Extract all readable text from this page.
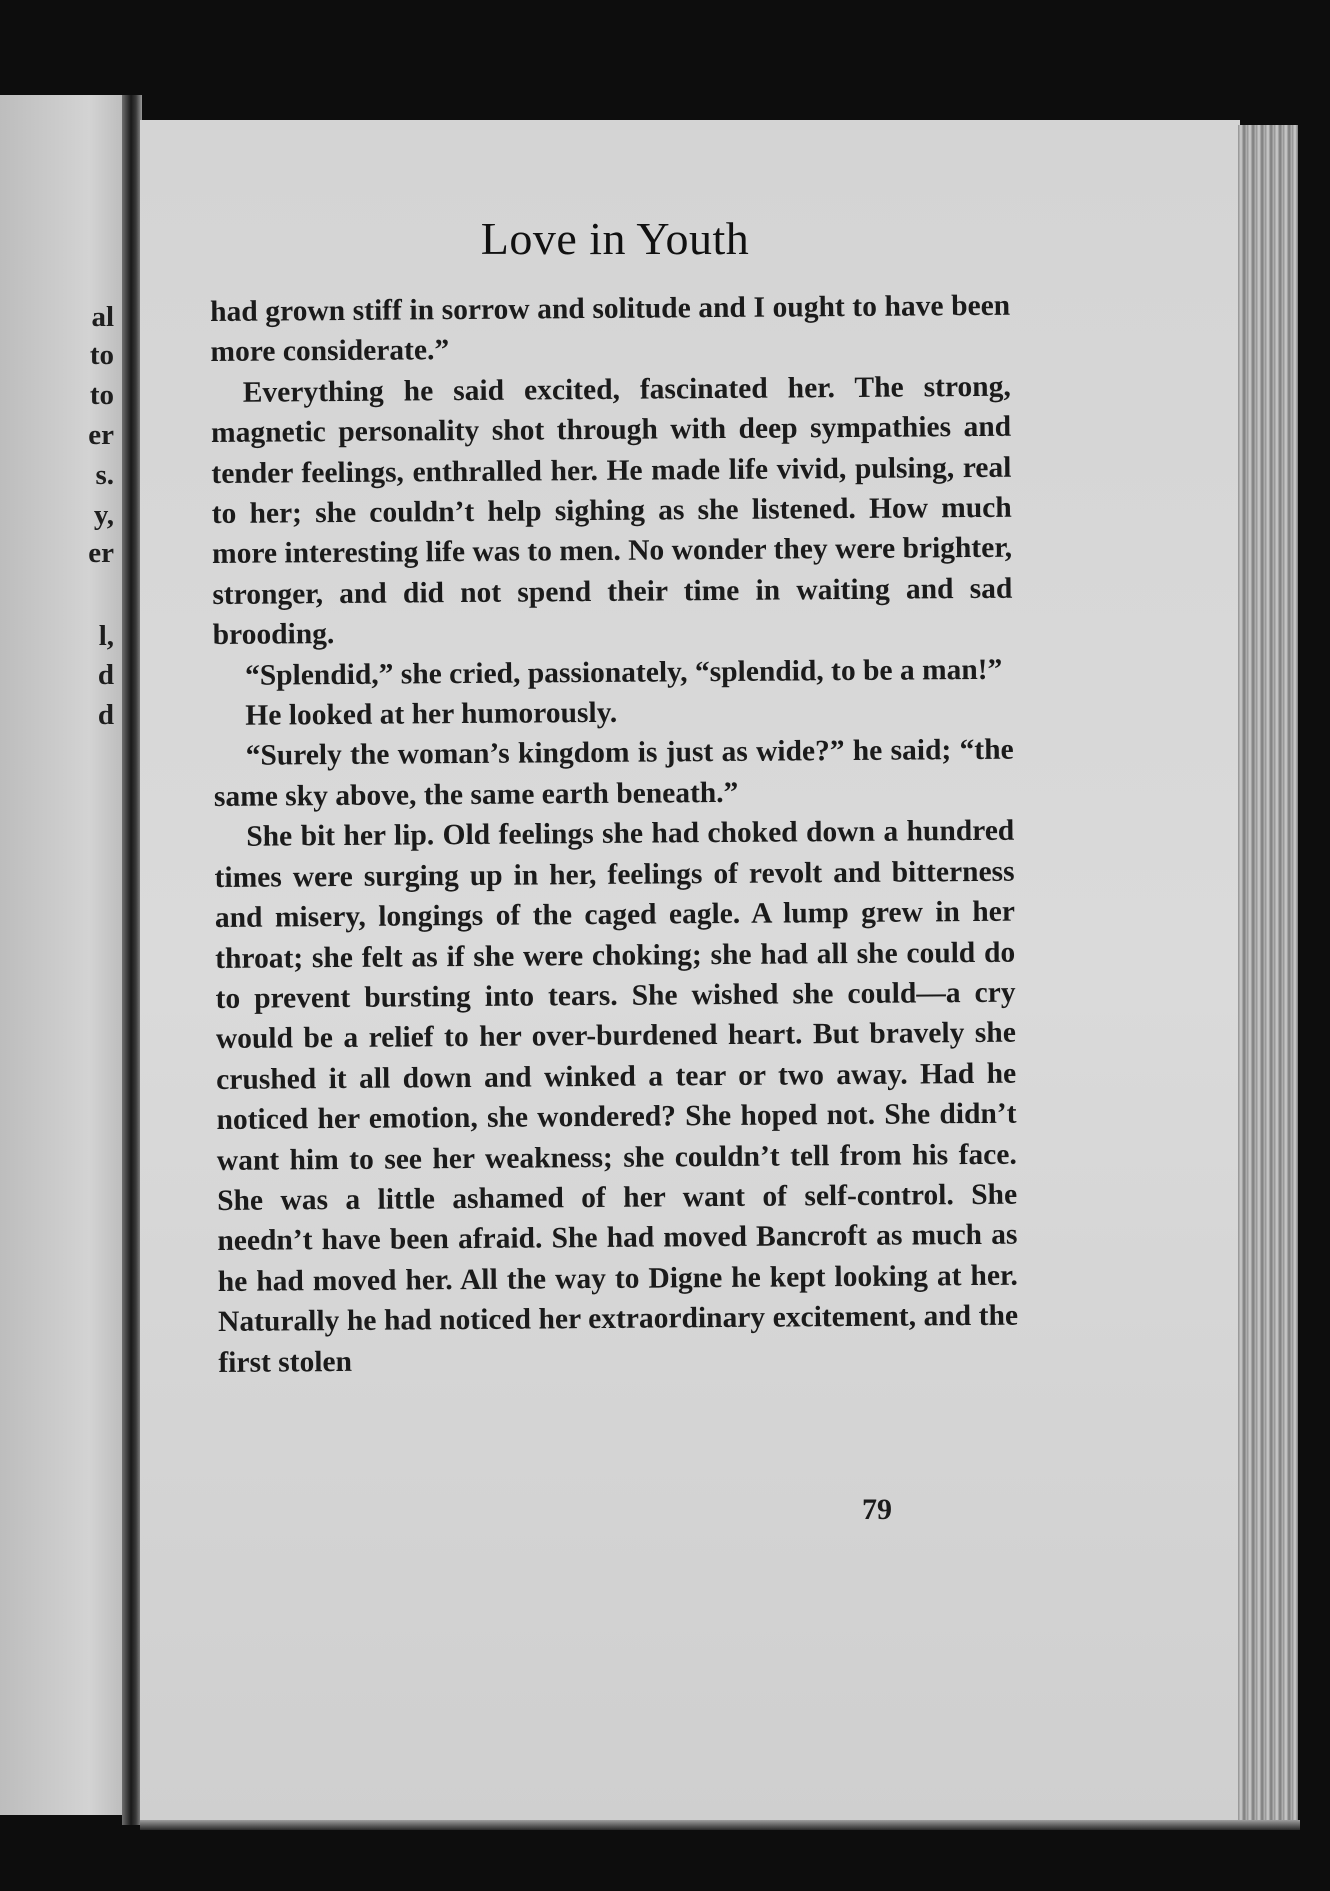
al
to
to
er
s.
y,
er
l,
d
d
Love in Youth

had grown stiff in sorrow and solitude and I ought to have been more considerate.”

Everything he said excited, fascinated her. The strong, magnetic personality shot through with deep sympathies and tender feelings, enthralled her. He made life vivid, pulsing, real to her; she couldn’t help sighing as she listened. How much more interesting life was to men. No wonder they were brighter, stronger, and did not spend their time in waiting and sad brooding.

“Splendid,” she cried, passionately, “splendid, to be a man!”

He looked at her humorously.

“Surely the woman’s kingdom is just as wide?” he said; “the same sky above, the same earth beneath.”

She bit her lip. Old feelings she had choked down a hundred times were surging up in her, feelings of revolt and bitterness and misery, longings of the caged eagle. A lump grew in her throat; she felt as if she were choking; she had all she could do to prevent bursting into tears. She wished she could—a cry would be a relief to her over-burdened heart. But bravely she crushed it all down and winked a tear or two away. Had he noticed her emotion, she wondered? She hoped not. She didn’t want him to see her weakness; she couldn’t tell from his face. She was a little ashamed of her want of self-control. She needn’t have been afraid. She had moved Bancroft as much as he had moved her. All the way to Digne he kept looking at her. Naturally he had noticed her extraordinary excitement, and the first stolen

79
